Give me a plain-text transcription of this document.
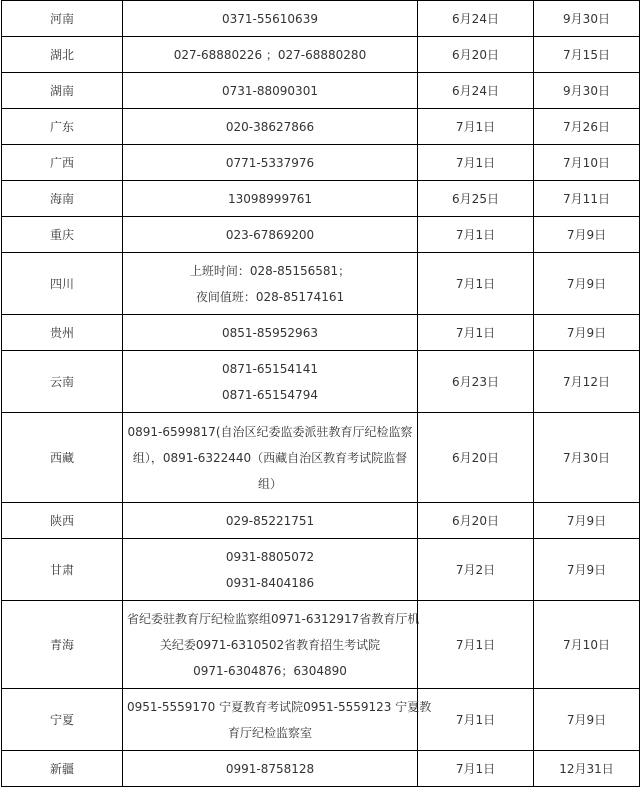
河南	0371-55610639	6月24日	9月30日
湖北	027-68880226 ；027-68880280	6月20日	7月15日
湖南	0731-88090301	6月24日	9月30日
广东	020-38627866	7月1日	7月26日
广西	0771-5337976	7月1日	7月10日
海南	13098999761	6月25日	7月11日
重庆	023-67869200	7月1日	7月9日
四川	上班时间：028-85156581；
夜间值班：028-85174161	7月1日	7月9日
贵州	0851-85952963	7月1日	7月9日
云南	0871-65154141
0871-65154794	6月23日	7月12日
西藏	0891-6599817(自治区纪委监委派驻教育厅纪检监察
组），0891-6322440（西藏自治区教育考试院监督
组）	6月20日	7月30日
陕西	029-85221751	6月20日	7月9日
甘肃	0931-8805072
0931-8404186	7月2日	7月9日
青海	省纪委驻教育厅纪检监察组0971-6312917省教育厅机
关纪委0971-6310502省教育招生考试院
0971-6304876；6304890	7月1日	7月10日
宁夏	0951-5559170 宁夏教育考试院0951-5559123 宁夏教
育厅纪检监察室	7月1日	7月9日
新疆	0991-8758128	7月1日	12月31日
